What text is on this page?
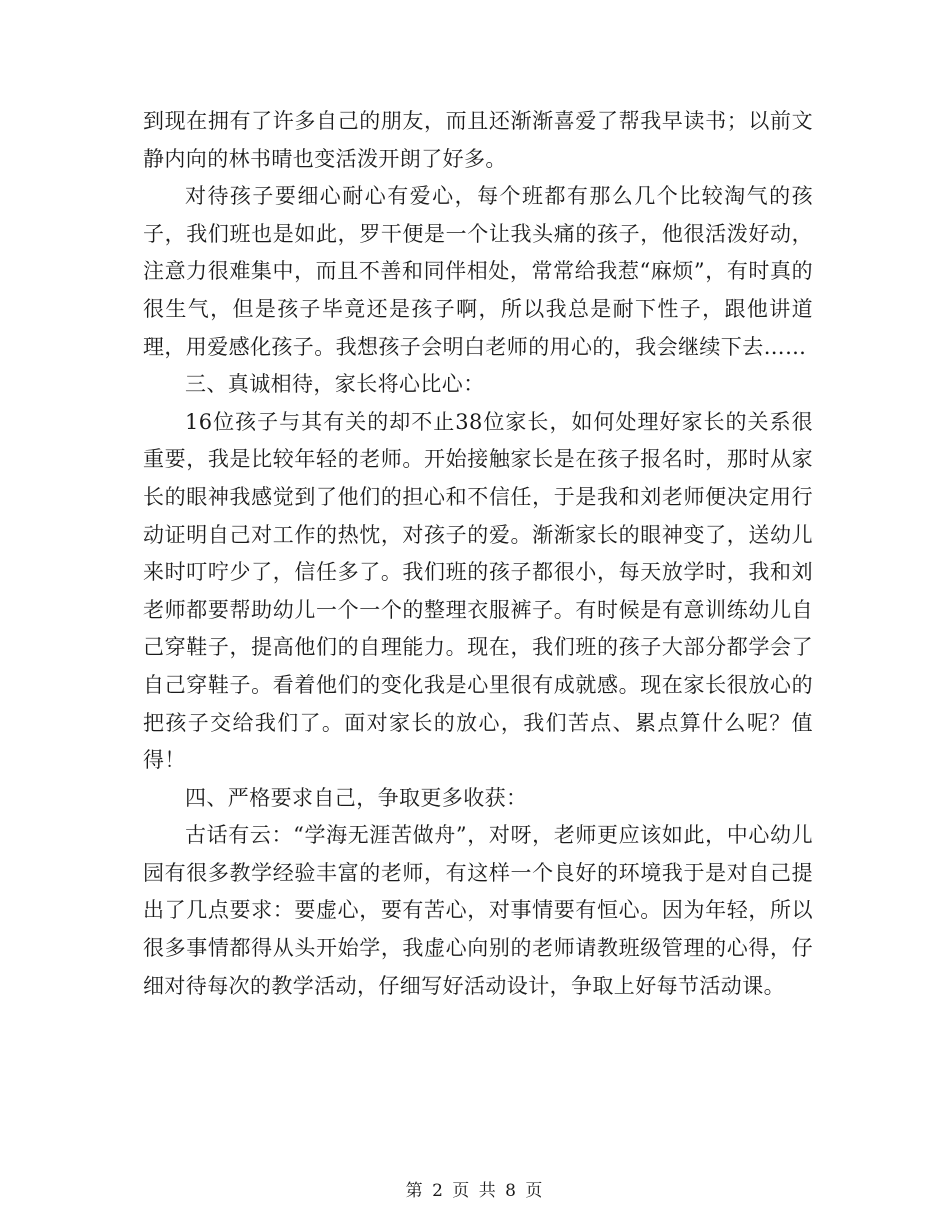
到现在拥有了许多自己的朋友，而且还渐渐喜爱了帮我早读书；以前文静内向的林书晴也变活泼开朗了好多。

对待孩子要细心耐心有爱心，每个班都有那么几个比较淘气的孩子，我们班也是如此，罗干便是一个让我头痛的孩子，他很活泼好动，注意力很难集中，而且不善和同伴相处，常常给我惹“麻烦”，有时真的很生气，但是孩子毕竟还是孩子啊，所以我总是耐下性子，跟他讲道理，用爱感化孩子。我想孩子会明白老师的用心的，我会继续下去……

三、真诚相待，家长将心比心：

16位孩子与其有关的却不止38位家长，如何处理好家长的关系很重要，我是比较年轻的老师。开始接触家长是在孩子报名时，那时从家长的眼神我感觉到了他们的担心和不信任，于是我和刘老师便决定用行动证明自己对工作的热忱，对孩子的爱。渐渐家长的眼神变了，送幼儿来时叮咛少了，信任多了。我们班的孩子都很小，每天放学时，我和刘老师都要帮助幼儿一个一个的整理衣服裤子。有时候是有意训练幼儿自己穿鞋子，提高他们的自理能力。现在，我们班的孩子大部分都学会了自己穿鞋子。看着他们的变化我是心里很有成就感。现在家长很放心的把孩子交给我们了。面对家长的放心，我们苦点、累点算什么呢？值得！

四、严格要求自己，争取更多收获：

古话有云：“学海无涯苦做舟”，对呀，老师更应该如此，中心幼儿园有很多教学经验丰富的老师，有这样一个良好的环境我于是对自己提出了几点要求：要虚心，要有苦心，对事情要有恒心。因为年轻，所以很多事情都得从头开始学，我虚心向别的老师请教班级管理的心得，仔细对待每次的教学活动，仔细写好活动设计，争取上好每节活动课。

第 2 页 共 8 页
